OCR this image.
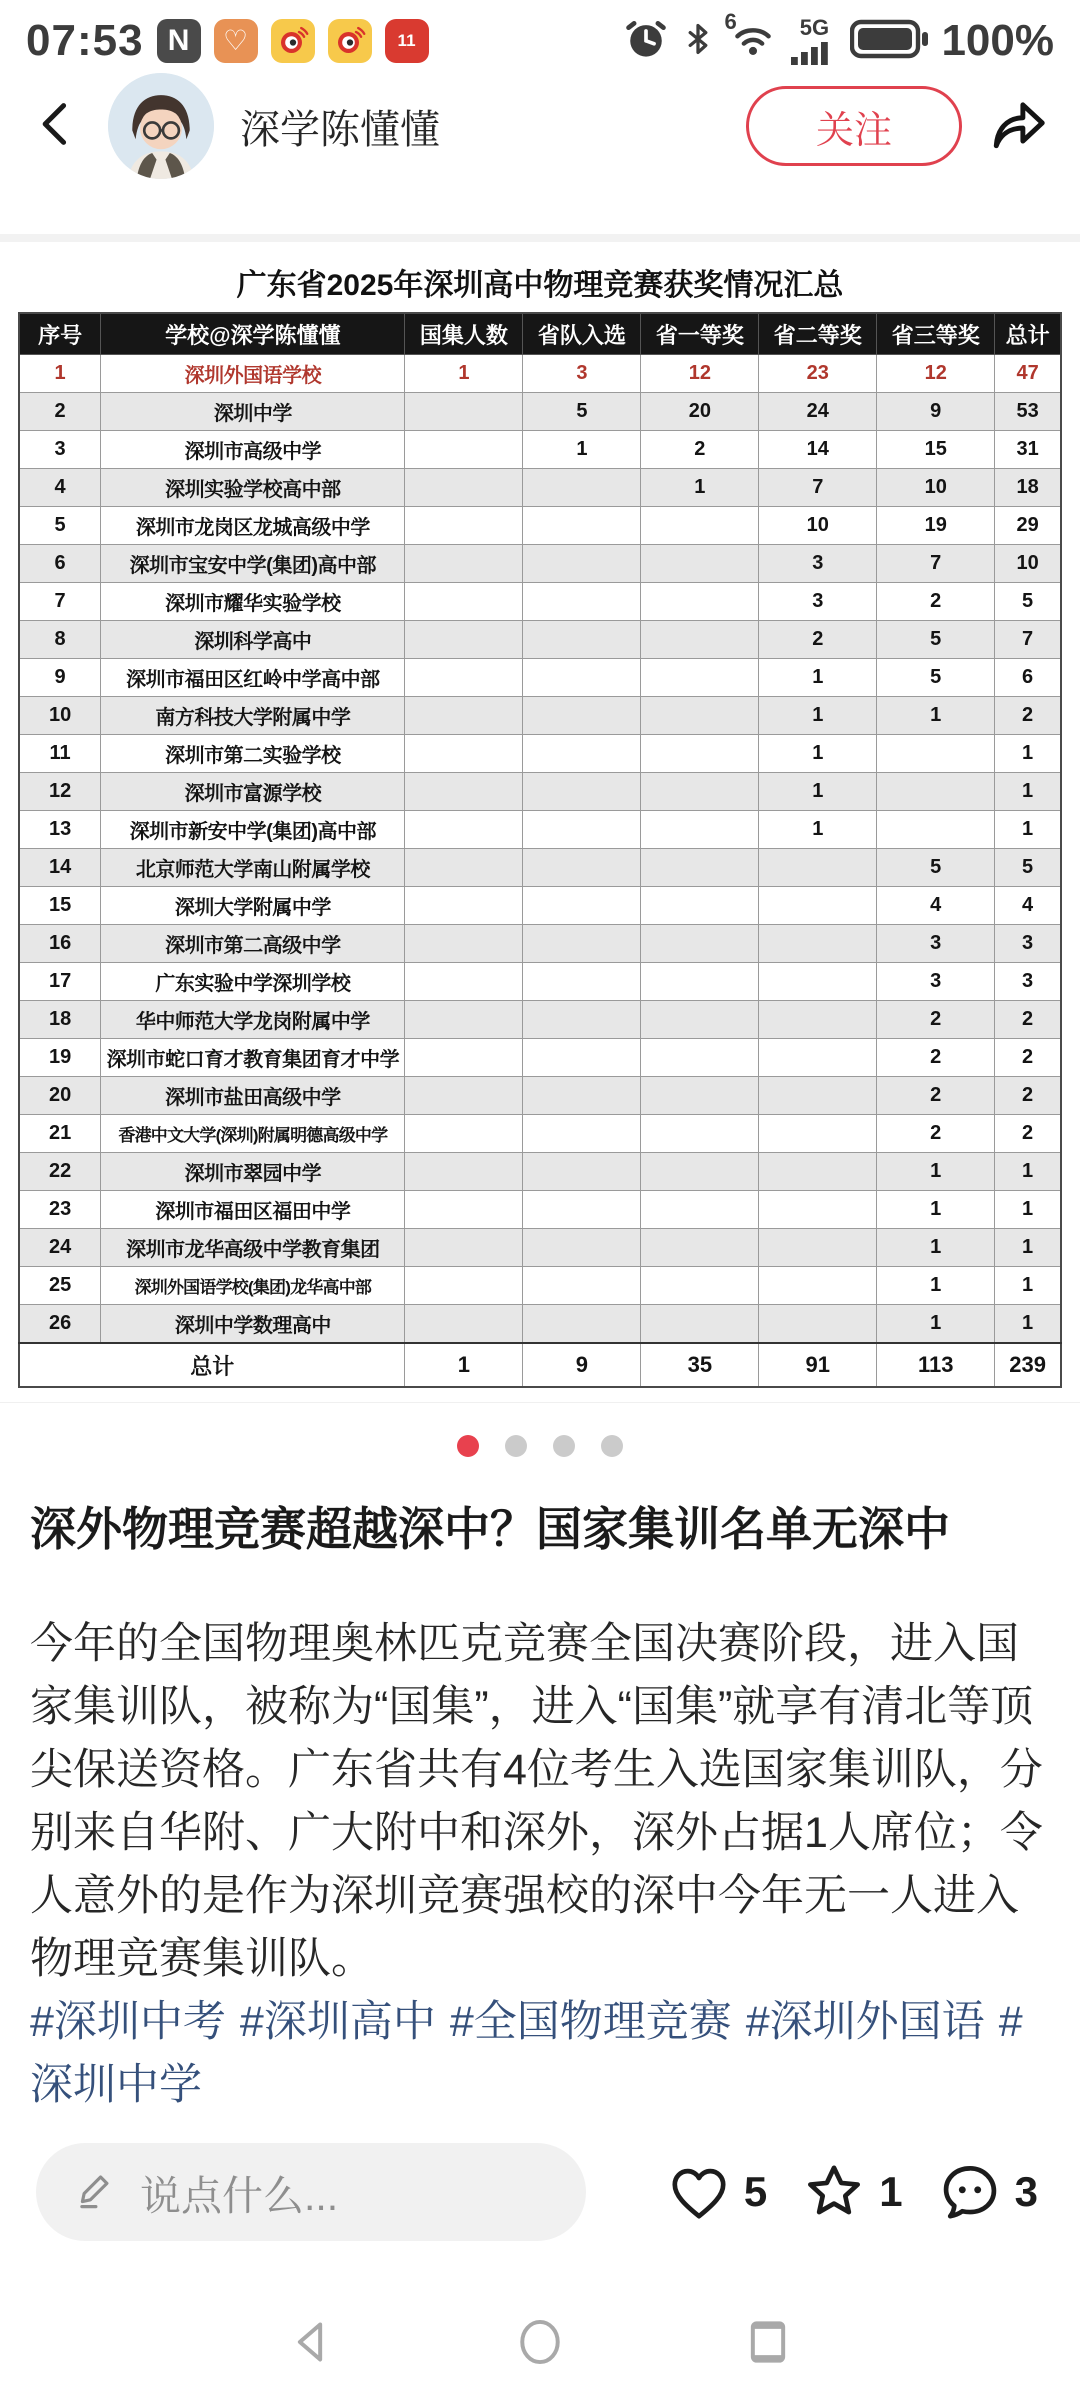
07:53 N	♡	11
6	5G	100%
深学陈懂懂	关注
广东省2025年深圳高中物理竞赛获奖情况汇总
序号	学校@深学陈懂懂	国集人数	省队入选	省一等奖	省二等奖	省三等奖	总计
1	深圳外国语学校	1	3	12	23	12	47
2	深圳中学		5	20	24	9	53
3	深圳市高级中学		1	2	14	15	31
4	深圳实验学校高中部			1	7	10	18
5	深圳市龙岗区龙城高级中学				10	19	29
6	深圳市宝安中学(集团)高中部				3	7	10
7	深圳市耀华实验学校				3	2	5
8	深圳科学高中				2	5	7
9	深圳市福田区红岭中学高中部				1	5	6
10	南方科技大学附属中学				1	1	2
11	深圳市第二实验学校				1		1
12	深圳市富源学校				1		1
13	深圳市新安中学(集团)高中部				1		1
14	北京师范大学南山附属学校					5	5
15	深圳大学附属中学					4	4
16	深圳市第二高级中学					3	3
17	广东实验中学深圳学校					3	3
18	华中师范大学龙岗附属中学					2	2
19	深圳市蛇口育才教育集团育才中学					2	2
20	深圳市盐田高级中学					2	2
21	香港中文大学(深圳)附属明德高级中学					2	2
22	深圳市翠园中学					1	1
23	深圳市福田区福田中学					1	1
24	深圳市龙华高级中学教育集团					1	1
25	深圳外国语学校(集团)龙华高中部					1	1
26	深圳中学数理高中					1	1
总计		1	9	35	91	113	239

深外物理竞赛超越深中？国家集训名单无深中

今年的全国物理奥林匹克竞赛全国决赛阶段，进入国家集训队，被称为“国集”，进入“国集”就享有清北等顶尖保送资格。广东省共有4位考生入选国家集训队，分别来自华附、广大附中和深外，深外占据1人席位；令人意外的是作为深圳竞赛强校的深中今年无一人进入物理竞赛集训队。

#深圳中考 #深圳高中 #全国物理竞赛 #深圳外国语 #深圳中学

说点什么...	5	1	3
